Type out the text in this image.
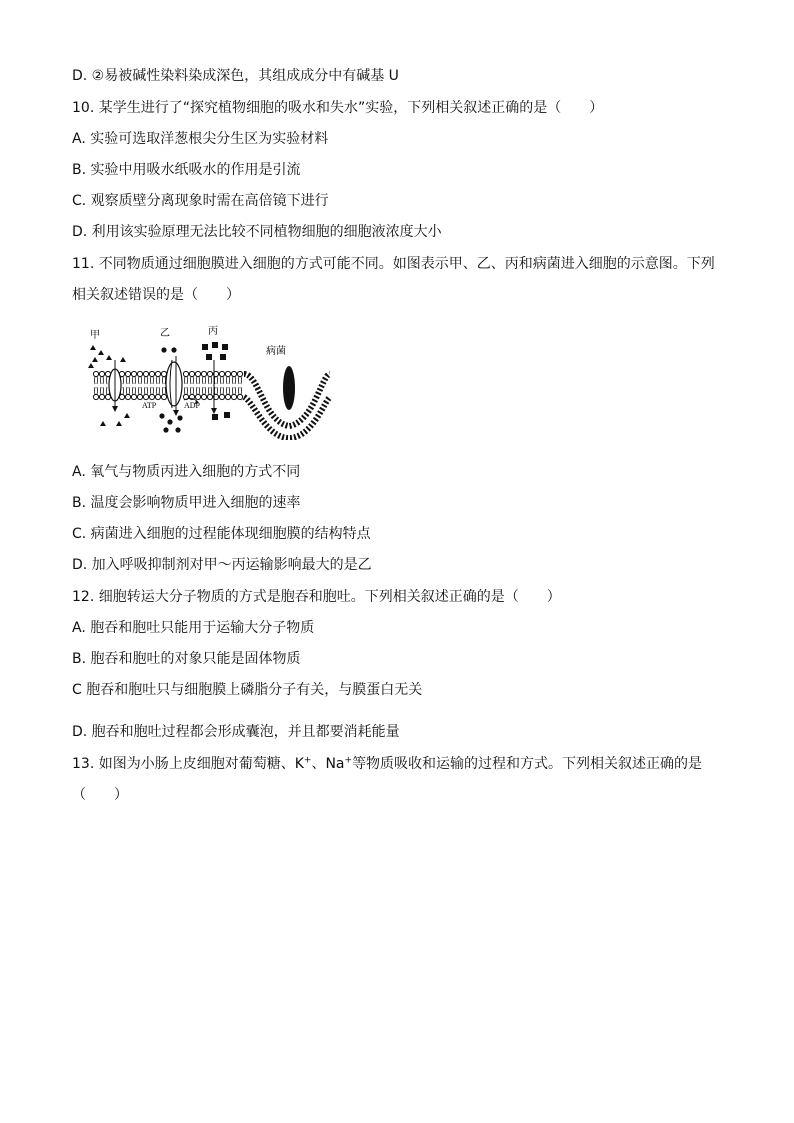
D. ②易被碱性染料染成深色，其组成成分中有碱基 U
10. 某学生进行了“探究植物细胞的吸水和失水”实验，下列相关叙述正确的是（　　）
A. 实验可选取洋葱根尖分生区为实验材料
B. 实验中用吸水纸吸水的作用是引流
C. 观察质壁分离现象时需在高倍镜下进行
D. 利用该实验原理无法比较不同植物细胞的细胞液浓度大小
11. 不同物质通过细胞膜进入细胞的方式可能不同。如图表示甲、乙、丙和病菌进入细胞的示意图。下列
相关叙述错误的是（　　）
甲	乙	丙
病菌
ATP	ADP
A. 氧气与物质丙进入细胞的方式不同
B. 温度会影响物质甲进入细胞的速率
C. 病菌进入细胞的过程能体现细胞膜的结构特点
D. 加入呼吸抑制剂对甲～丙运输影响最大的是乙
12. 细胞转运大分子物质的方式是胞吞和胞吐。下列相关叙述正确的是（　　）
A. 胞吞和胞吐只能用于运输大分子物质
B. 胞吞和胞吐的对象只能是固体物质
C 胞吞和胞吐只与细胞膜上磷脂分子有关，与膜蛋白无关
D. 胞吞和胞吐过程都会形成囊泡，并且都要消耗能量
13. 如图为小肠上皮细胞对葡萄糖、K+、Na+等物质吸收和运输的过程和方式。下列相关叙述正确的是
（　　）
